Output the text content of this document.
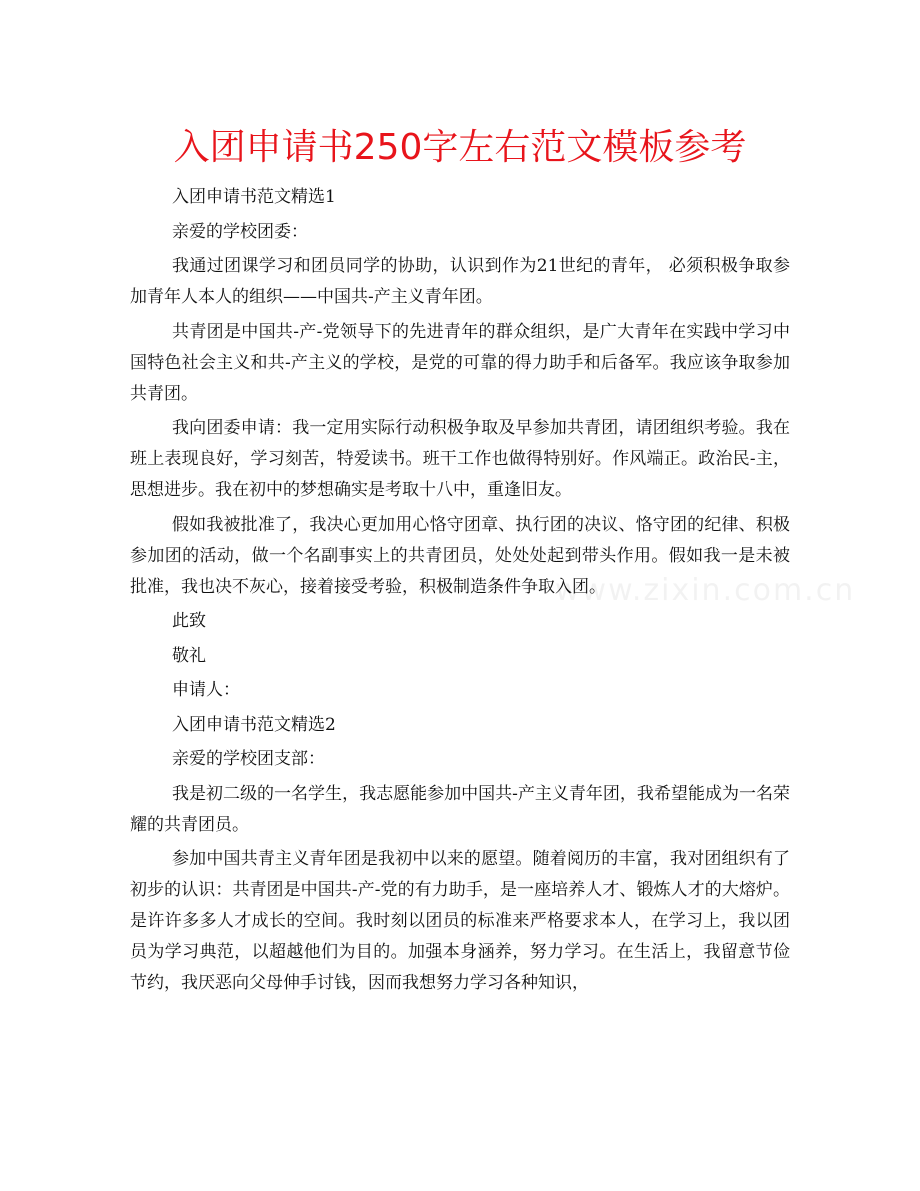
入团申请书250字左右范文模板参考
www.zixin.com.cn

入团申请书范文精选1

亲爱的学校团委：

我通过团课学习和团员同学的协助，认识到作为21世纪的青年， 必须积极争取参加青年人本人的组织——中国共-产主义青年团。

共青团是中国共-产-党领导下的先进青年的群众组织，是广大青年在实践中学习中国特色社会主义和共-产主义的学校，是党的可靠的得力助手和后备军。我应该争取参加共青团。

我向团委申请：我一定用实际行动积极争取及早参加共青团，请团组织考验。我在班上表现良好，学习刻苦，特爱读书。班干工作也做得特别好。作风端正。政治民-主，思想进步。我在初中的梦想确实是考取十八中，重逢旧友。

假如我被批准了，我决心更加用心恪守团章、执行团的决议、恪守团的纪律、积极参加团的活动，做一个名副事实上的共青团员，处处处起到带头作用。假如我一是未被批准，我也决不灰心，接着接受考验，积极制造条件争取入团。

此致

敬礼

申请人：

入团申请书范文精选2

亲爱的学校团支部：

我是初二级的一名学生，我志愿能参加中国共-产主义青年团，我希望能成为一名荣耀的共青团员。

参加中国共青主义青年团是我初中以来的愿望。随着阅历的丰富，我对团组织有了初步的认识：共青团是中国共-产-党的有力助手，是一座培养人才、锻炼人才的大熔炉。是许许多多人才成长的空间。我时刻以团员的标准来严格要求本人，在学习上，我以团员为学习典范，以超越他们为目的。加强本身涵养，努力学习。在生活上，我留意节俭节约，我厌恶向父母伸手讨钱，因而我想努力学习各种知识，
